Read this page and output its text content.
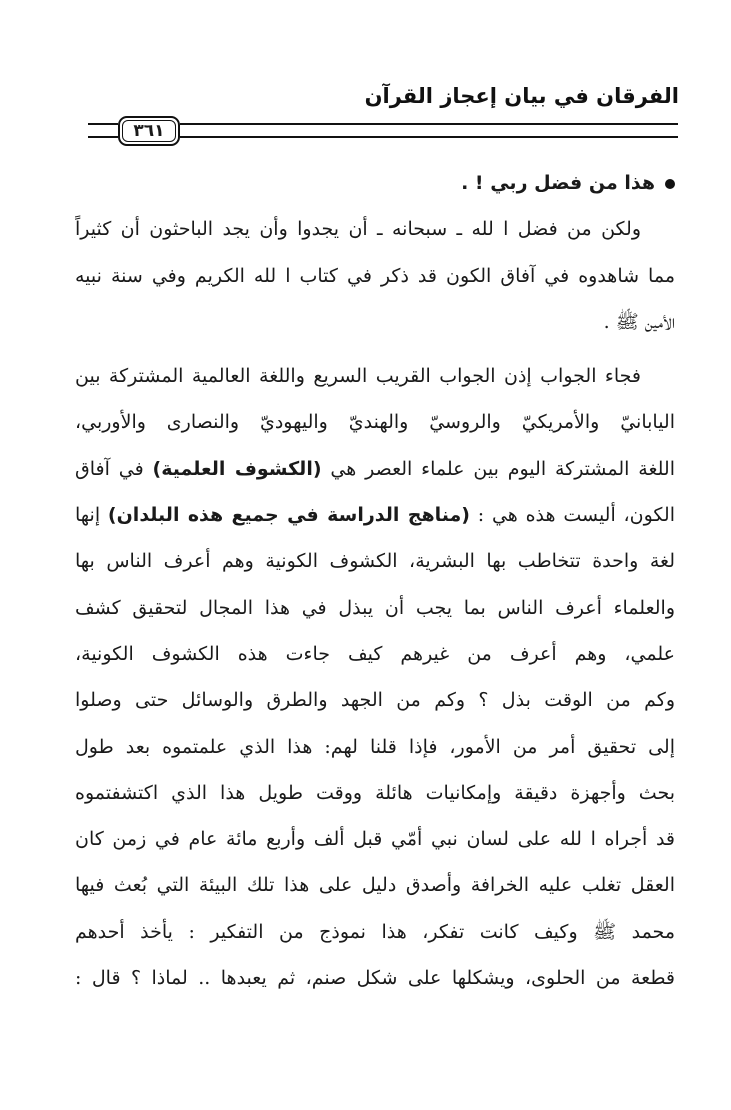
الفرقان في بيان إعجاز القرآن
٣٦١
هذا من فضل ربي ! .
ولكن من فضل ا لله ـ سبحانه ـ أن يجدوا وأن يجد الباحثون أن كثيراً
مما شاهدوه في آفاق الكون قد ذكر في كتاب ا لله الكريم وفي سنة نبيه
الأمين ﷺ .
فجاء الجواب إذن الجواب القريب السريع واللغة العالمية المشتركة بين
اليابانيّ والأمريكيّ والروسيّ والهنديّ واليهوديّ والنصارى والأوربي،
اللغة المشتركة اليوم بين علماء العصر هي (الكشوف العلمية) في آفاق
الكون، أليست هذه هي : (مناهج الدراسة في جميع هذه البلدان) إنها
لغة واحدة تتخاطب بها البشرية، الكشوف الكونية وهم أعرف الناس بها
والعلماء أعرف الناس بما يجب أن يبذل في هذا المجال لتحقيق كشف
علمي، وهم أعرف من غيرهم كيف جاءت هذه الكشوف الكونية،
وكم من الوقت بذل ؟ وكم من الجهد والطرق والوسائل حتى وصلوا
إلى تحقيق أمر من الأمور، فإذا قلنا لهم: هذا الذي علمتموه بعد طول
بحث وأجهزة دقيقة وإمكانيات هائلة ووقت طويل هذا الذي اكتشفتموه
قد أجراه ا لله على لسان نبي أمّي قبل ألف وأربع مائة عام في زمن كان
العقل تغلب عليه الخرافة وأصدق دليل على هذا تلك البيئة التي بُعث فيها
محمد ﷺ وكيف كانت تفكر، هذا نموذج من التفكير : يأخذ أحدهم
قطعة من الحلوى، ويشكلها على شكل صنم، ثم يعبدها .. لماذا ؟ قال :
